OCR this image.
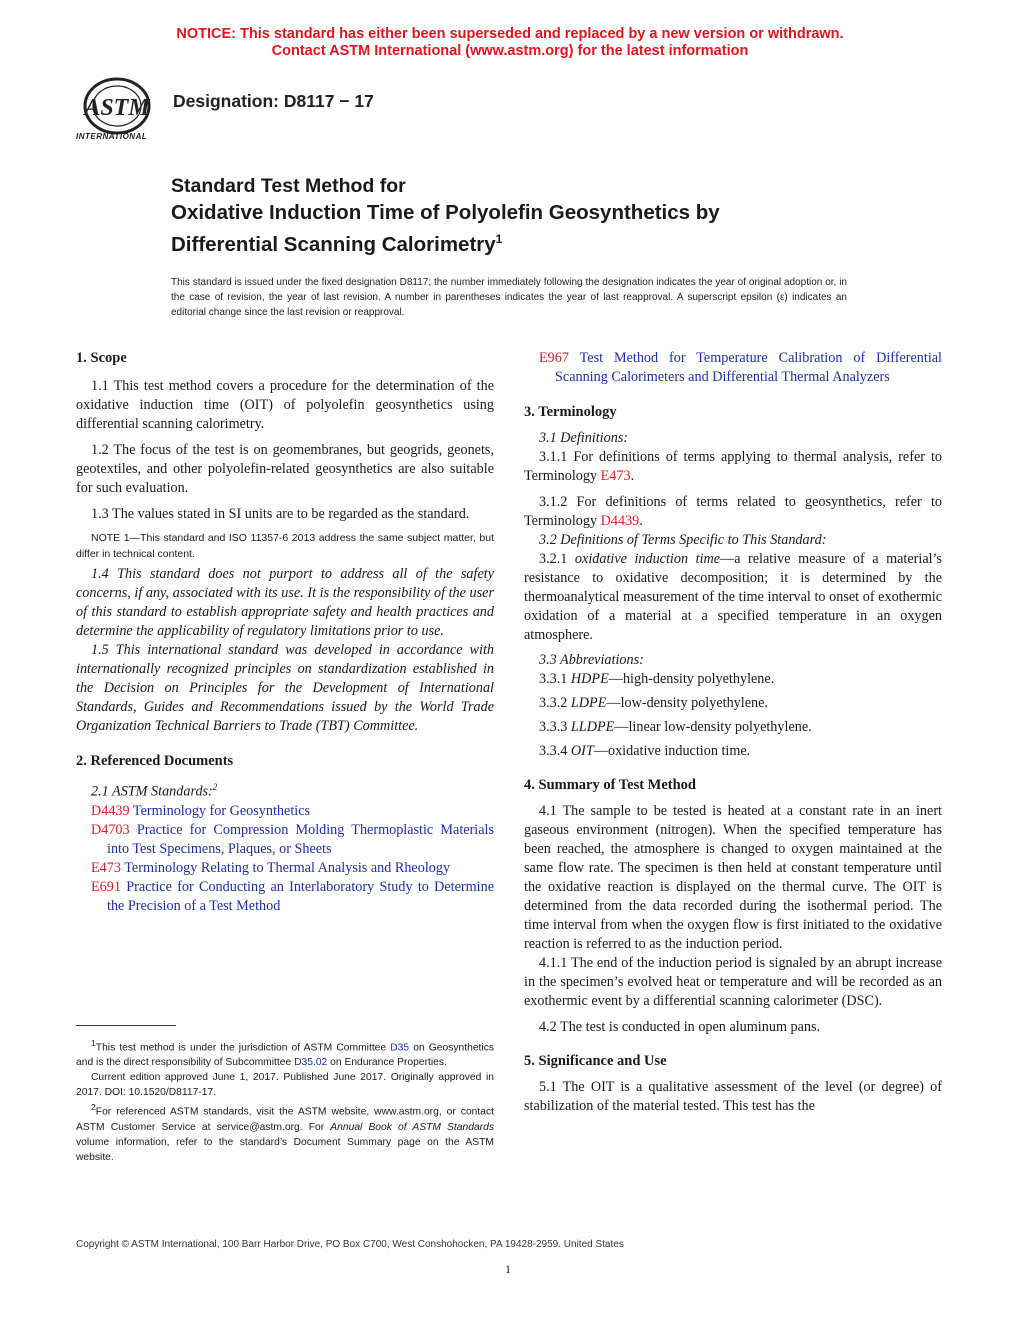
NOTICE: This standard has either been superseded and replaced by a new version or withdrawn.
Contact ASTM International (www.astm.org) for the latest information
ASTM
INTERNATIONAL
Designation: D8117 − 17
Standard Test Method for
Oxidative Induction Time of Polyolefin Geosynthetics by
Differential Scanning Calorimetry$^1$
This standard is issued under the fixed designation D8117; the number immediately following the designation indicates the year of original adoption or, in the case of revision, the year of last revision. A number in parentheses indicates the year of last reapproval. A superscript epsilon (ε) indicates an editorial change since the last revision or reapproval.

1. Scope

1.1 This test method covers a procedure for the determination of the oxidative induction time (OIT) of polyolefin geosynthetics using differential scanning calorimetry.

1.2 The focus of the test is on geomembranes, but geogrids, geonets, geotextiles, and other polyolefin-related geosynthetics are also suitable for such evaluation.

1.3 The values stated in SI units are to be regarded as the standard.

NOTE 1—This standard and ISO 11357-6 2013 address the same subject matter, but differ in technical content.

1.4 This standard does not purport to address all of the safety concerns, if any, associated with its use. It is the responsibility of the user of this standard to establish appropriate safety and health practices and determine the applicability of regulatory limitations prior to use.

1.5 This international standard was developed in accordance with internationally recognized principles on standardization established in the Decision on Principles for the Development of International Standards, Guides and Recommendations issued by the World Trade Organization Technical Barriers to Trade (TBT) Committee.

2. Referenced Documents

2.1 ASTM Standards:$^2$

D4439 Terminology for Geosynthetics

D4703 Practice for Compression Molding Thermoplastic Materials into Test Specimens, Plaques, or Sheets

E473 Terminology Relating to Thermal Analysis and Rheology

E691 Practice for Conducting an Interlaboratory Study to Determine the Precision of a Test Method

$^1$This test method is under the jurisdiction of ASTM Committee D35 on Geosynthetics and is the direct responsibility of Subcommittee D35.02 on Endurance Properties.

Current edition approved June 1, 2017. Published June 2017. Originally approved in 2017. DOI: 10.1520/D8117-17.

$^2$For referenced ASTM standards, visit the ASTM website, www.astm.org, or contact ASTM Customer Service at service@astm.org. For Annual Book of ASTM Standards volume information, refer to the standard’s Document Summary page on the ASTM website.

E967 Test Method for Temperature Calibration of Differential Scanning Calorimeters and Differential Thermal Analyzers

3. Terminology

3.1 Definitions:

3.1.1 For definitions of terms applying to thermal analysis, refer to Terminology E473.

3.1.2 For definitions of terms related to geosynthetics, refer to Terminology D4439.

3.2 Definitions of Terms Specific to This Standard:

3.2.1 oxidative induction time—a relative measure of a material’s resistance to oxidative decomposition; it is determined by the thermoanalytical measurement of the time interval to onset of exothermic oxidation of a material at a specified temperature in an oxygen atmosphere.

3.3 Abbreviations:

3.3.1 HDPE—high-density polyethylene.

3.3.2 LDPE—low-density polyethylene.

3.3.3 LLDPE—linear low-density polyethylene.

3.3.4 OIT—oxidative induction time.

4. Summary of Test Method

4.1 The sample to be tested is heated at a constant rate in an inert gaseous environment (nitrogen). When the specified temperature has been reached, the atmosphere is changed to oxygen maintained at the same flow rate. The specimen is then held at constant temperature until the oxidative reaction is displayed on the thermal curve. The OIT is determined from the data recorded during the isothermal period. The time interval from when the oxygen flow is first initiated to the oxidative reaction is referred to as the induction period.

4.1.1 The end of the induction period is signaled by an abrupt increase in the specimen’s evolved heat or temperature and will be recorded as an exothermic event by a differential scanning calorimeter (DSC).

4.2 The test is conducted in open aluminum pans.

5. Significance and Use

5.1 The OIT is a qualitative assessment of the level (or degree) of stabilization of the material tested. This test has the

Copyright © ASTM International, 100 Barr Harbor Drive, PO Box C700, West Conshohocken, PA 19428-2959. United States
1
